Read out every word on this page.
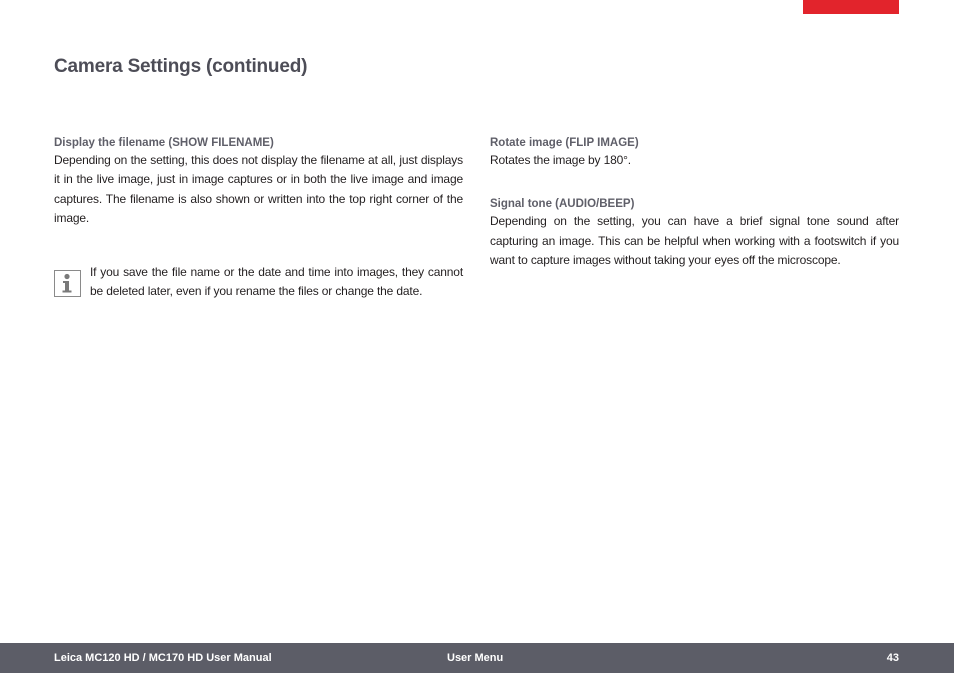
Camera Settings (continued)
Display the filename (SHOW FILENAME)

Depending on the setting, this does not display the filename at all, just displays it in the live image, just in image captures or in both the live image and image captures. The filename is also shown or written into the top right corner of the image.

If you save the file name or the date and time into images, they cannot be deleted later, even if you rename the files or change the date.
Rotate image (FLIP IMAGE)

Rotates the image by 180°.

Signal tone (AUDIO/BEEP)

Depending on the setting, you can have a brief signal tone sound after capturing an image. This can be helpful when working with a footswitch if you want to capture images without taking your eyes off the microscope.

Leica MC120 HD / MC170 HD User Manual	User Menu	43
